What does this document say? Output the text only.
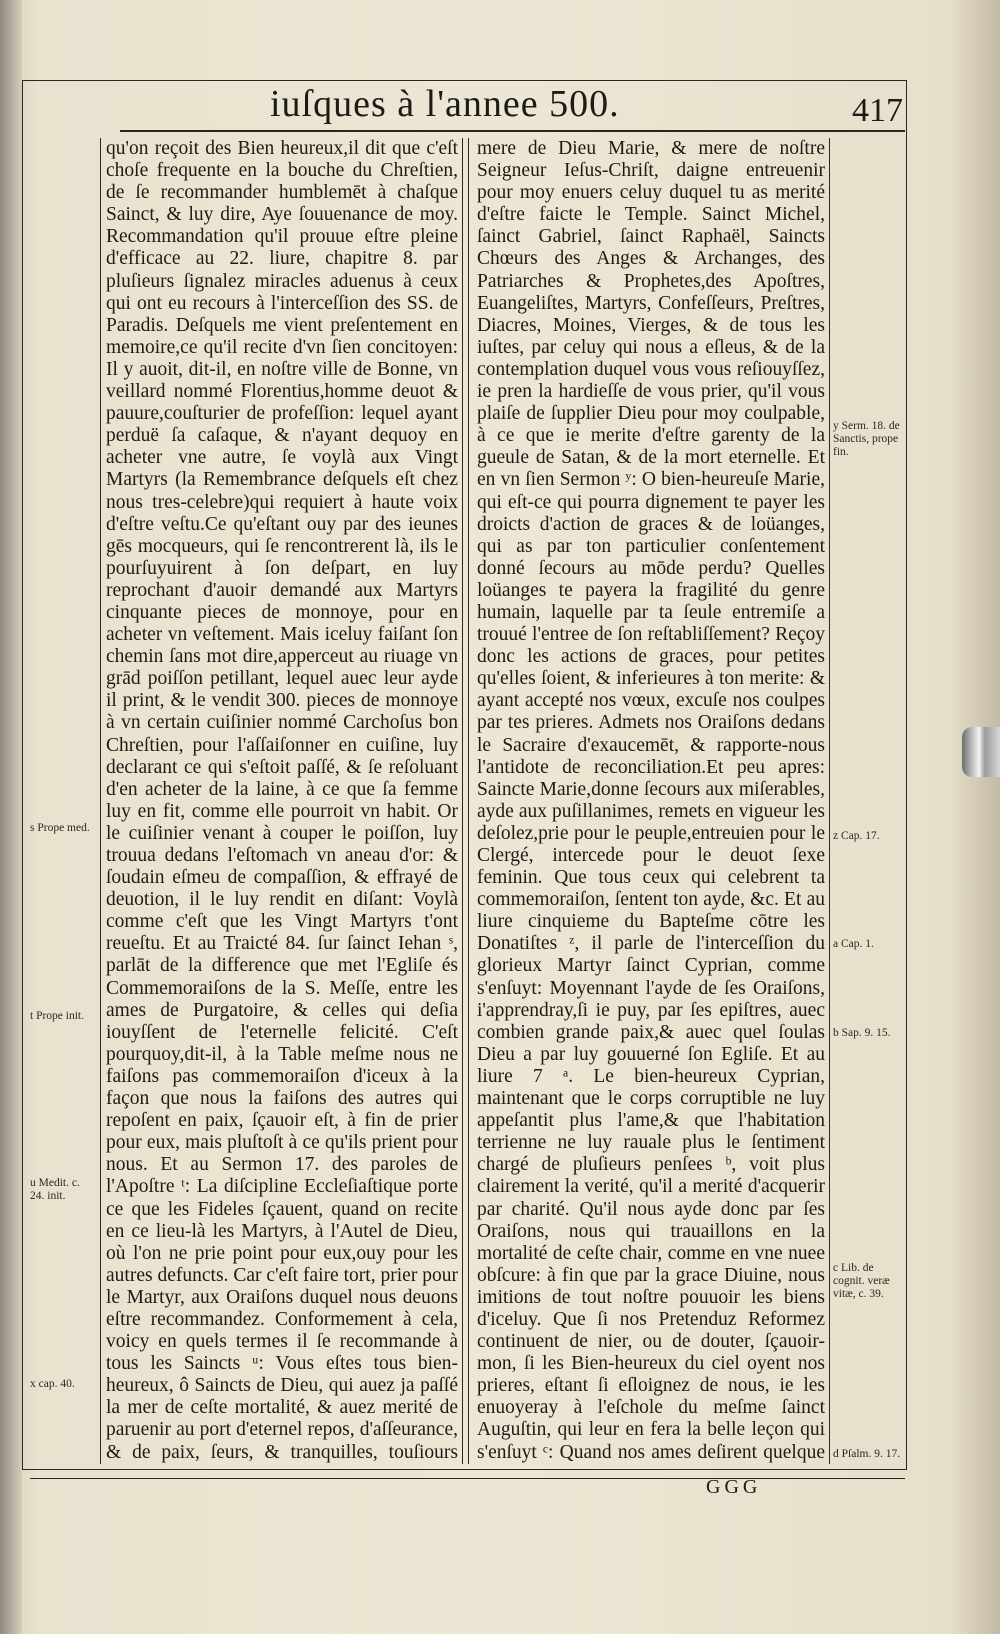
iuſques à l'annee 500.	417

qu'on reçoit des Bien heureux,il dit que c'eſt choſe frequente en la bouche du Chreſtien, de ſe recommander humblemēt à chaſque Sainct, & luy dire, Aye ſouuenance de moy. Recommandation qu'il prouue eſtre pleine d'efficace au 22. liure, chapitre 8. par pluſieurs ſignalez miracles aduenus à ceux qui ont eu recours à l'interceſſion des SS. de Paradis. Deſquels me vient preſentement en memoire,ce qu'il recite d'vn ſien concitoyen: Il y auoit, dit-il, en noſtre ville de Bonne, vn veillard nommé Florentius,homme deuot & pauure,couſturier de profeſſion: lequel ayant perduë ſa caſaque, & n'ayant dequoy en acheter vne autre, ſe voylà aux Vingt Martyrs (la Remembrance deſquels eſt chez nous tres-celebre)qui requiert à haute voix d'eſtre veſtu.Ce qu'eſtant ouy par des ieunes gēs mocqueurs, qui ſe rencontrerent là, ils le pourſuyuirent à ſon deſpart, en luy reprochant d'auoir demandé aux Martyrs cinquante pieces de monnoye, pour en acheter vn veſtement. Mais iceluy faiſant ſon chemin ſans mot dire,apperceut au riuage vn grād poiſſon petillant, lequel auec leur ayde il print, & le vendit 300. pieces de monnoye à vn certain cuiſinier nommé Carchoſus bon Chreſtien, pour l'aſſaiſonner en cuiſine, luy declarant ce qui s'eſtoit paſſé, & ſe reſoluant d'en acheter de la laine, à ce que ſa femme luy en fit, comme elle pourroit vn habit. Or le cuiſinier venant à couper le poiſſon, luy trouua dedans l'eſtomach vn aneau d'or: & ſoudain eſmeu de compaſſion, & effrayé de deuotion, il le luy rendit en diſant: Voylà comme c'eſt que les Vingt Martyrs t'ont reueſtu. Et au Traicté 84. ſur ſainct Iehan ˢ, parlāt de la difference que met l'Egliſe és Commemoraiſons de la S. Meſſe, entre les ames de Purgatoire, & celles qui deſia iouyſſent de l'eternelle felicité. C'eſt pourquoy,dit-il, à la Table meſme nous ne faiſons pas commemoraiſon d'iceux à la façon que nous la faiſons des autres qui repoſent en paix, ſçauoir eſt, à fin de prier pour eux, mais pluſtoſt à ce qu'ils prient pour nous. Et au Sermon 17. des paroles de l'Apoſtre ᵗ: La diſcipline Eccleſiaſtique porte ce que les Fideles ſçauent, quand on recite en ce lieu-là les Martyrs, à l'Autel de Dieu, où l'on ne prie point pour eux,ouy pour les autres defuncts. Car c'eſt faire tort, prier pour le Martyr, aux Oraiſons duquel nous deuons eſtre recommandez. Conformement à cela, voicy en quels termes il ſe recommande à tous les Saincts ᵘ: Vous eſtes tous bien-heureux, ô Saincts de Dieu, qui auez ja paſſé la mer de ceſte mortalité, & auez merité de paruenir au port d'eternel repos, d'aſſeurance, & de paix, ſeurs, & tranquilles, touſiours

mere de Dieu Marie, & mere de noſtre Seigneur Ieſus-Chriſt, daigne entreuenir pour moy enuers celuy duquel tu as merité d'eſtre faicte le Temple. Sainct Michel, ſainct Gabriel, ſainct Raphaël, Saincts Chœurs des Anges & Archanges, des Patriarches & Prophetes,des Apoſtres, Euangeliſtes, Martyrs, Confeſſeurs, Preſtres, Diacres, Moines, Vierges, & de tous les iuſtes, par celuy qui nous a eſleus, & de la contemplation duquel vous vous reſiouyſſez, ie pren la hardieſſe de vous prier, qu'il vous plaiſe de ſupplier Dieu pour moy coulpable, à ce que ie merite d'eſtre garenty de la gueule de Satan, & de la mort eternelle. Et en vn ſien Sermon ʸ: O bien-heureuſe Marie, qui eſt-ce qui pourra dignement te payer les droicts d'action de graces & de loüanges, qui as par ton particulier conſentement donné ſecours au mōde perdu? Quelles loüanges te payera la fragilité du genre humain, laquelle par ta ſeule entremiſe a trouué l'entree de ſon reſtabliſſement? Reçoy donc les actions de graces, pour petites qu'elles ſoient, & inferieures à ton merite: & ayant accepté nos vœux, excuſe nos coulpes par tes prieres. Admets nos Oraiſons dedans le Sacraire d'exaucemēt, & rapporte-nous l'antidote de reconciliation.Et peu apres: Saincte Marie,donne ſecours aux miſerables, ayde aux puſillanimes, remets en vigueur les deſolez,prie pour le peuple,entreuien pour le Clergé, intercede pour le deuot ſexe feminin. Que tous ceux qui celebrent ta commemoraiſon, ſentent ton ayde, &c. Et au liure cinquieme du Bapteſme cōtre les Donatiſtes ᶻ, il parle de l'interceſſion du glorieux Martyr ſainct Cyprian, comme s'enſuyt: Moyennant l'ayde de ſes Oraiſons, i'apprendray,ſi ie puy, par ſes epiſtres, auec combien grande paix,& auec quel ſoulas Dieu a par luy gouuerné ſon Egliſe. Et au liure 7 ᵃ. Le bien-heureux Cyprian, maintenant que le corps corruptible ne luy appeſantit plus l'ame,& que l'habitation terrienne ne luy rauale plus le ſentiment chargé de pluſieurs penſees ᵇ, voit plus clairement la verité, qu'il a merité d'acquerir par charité. Qu'il nous ayde donc par ſes Oraiſons, nous qui trauaillons en la mortalité de ceſte chair, comme en vne nuee obſcure: à fin que par la grace Diuine, nous imitions de tout noſtre pouuoir les biens d'iceluy. Que ſi nos Pretenduz Reformez continuent de nier, ou de douter, ſçauoir-mon, ſi les Bien-heureux du ciel oyent nos prieres, eſtant ſi eſloignez de nous, ie les enuoyeray à l'eſchole du meſme ſainct Auguſtin, qui leur en fera la belle leçon qui s'enſuyt ᶜ: Quand nos ames deſirent quelque

s Prope med.
t Prope init.
u Medit. c. 24. init.
x cap. 40.
y Serm. 18. de Sanctis, prope fin.
z Cap. 17.
a Cap. 1.
b Sap. 9. 15.
c Lib. de cognit. veræ vitæ, c. 39.
d Pſalm. 9. 17.
GGG
